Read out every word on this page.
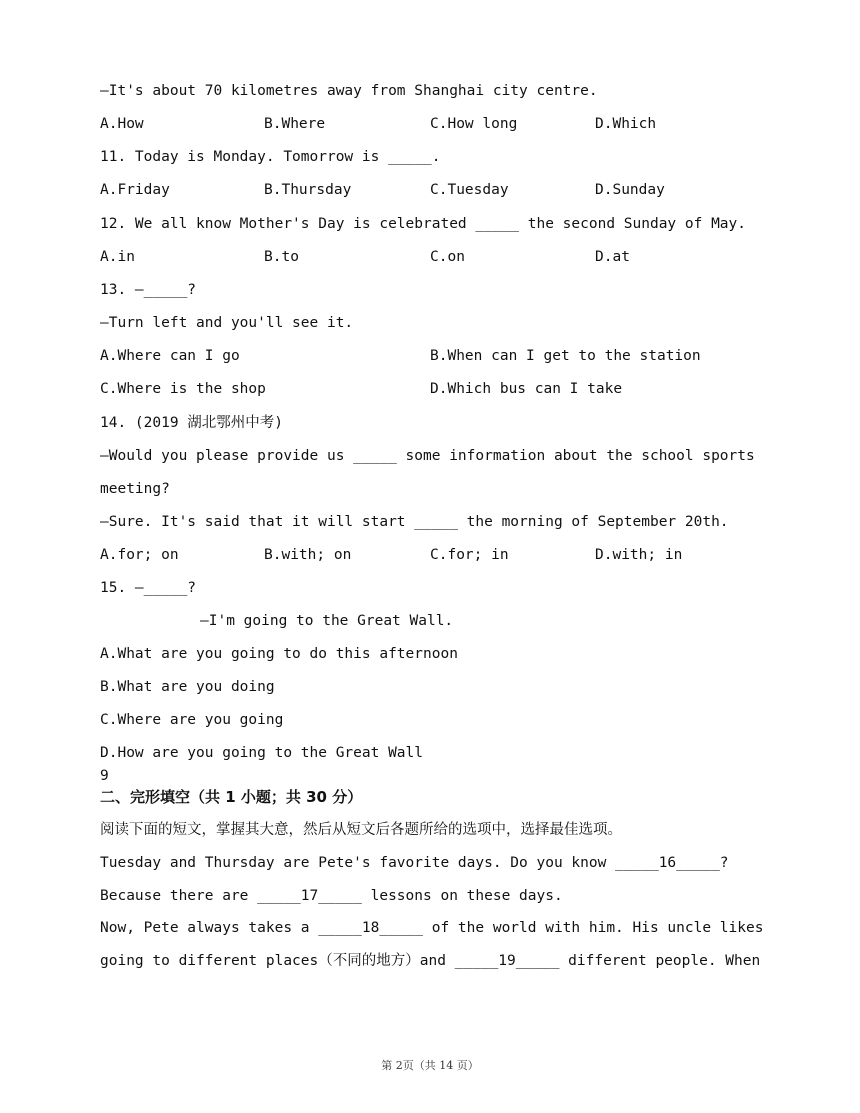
—It's about 70 kilometres away from Shanghai city centre.
A.How	B.Where	C.How long	D.Which
11. Today is Monday. Tomorrow is _____.
A.Friday	B.Thursday	C.Tuesday	D.Sunday
12. We all know Mother's Day is celebrated _____ the second Sunday of May.
A.in	B.to	C.on	D.at
13. —_____?
—Turn left and you'll see it.
A.Where can I go	B.When can I get to the station
C.Where is the shop	D.Which bus can I take
14. (2019 湖北鄂州中考)
—Would you please provide us _____ some information about the school sports
meeting?
—Sure. It's said that it will start _____ the morning of September 20th.
A.for; on	B.with; on	C.for; in	D.with; in
15. —_____?
—I'm going to the Great Wall.
A.What are you going to do this afternoon
B.What are you doing
C.Where are you going
D.How are you going to the Great Wall
9
二、完形填空（共 1 小题；共 30 分）
阅读下面的短文，掌握其大意，然后从短文后各题所给的选项中，选择最佳选项。
Tuesday and Thursday are Pete's favorite days. Do you know _____16_____?
Because there are _____17_____ lessons on these days.
Now, Pete always takes a _____18_____ of the world with him. His uncle likes
going to different places（不同的地方）and _____19_____ different people. When
第 2页（共 14 页）
